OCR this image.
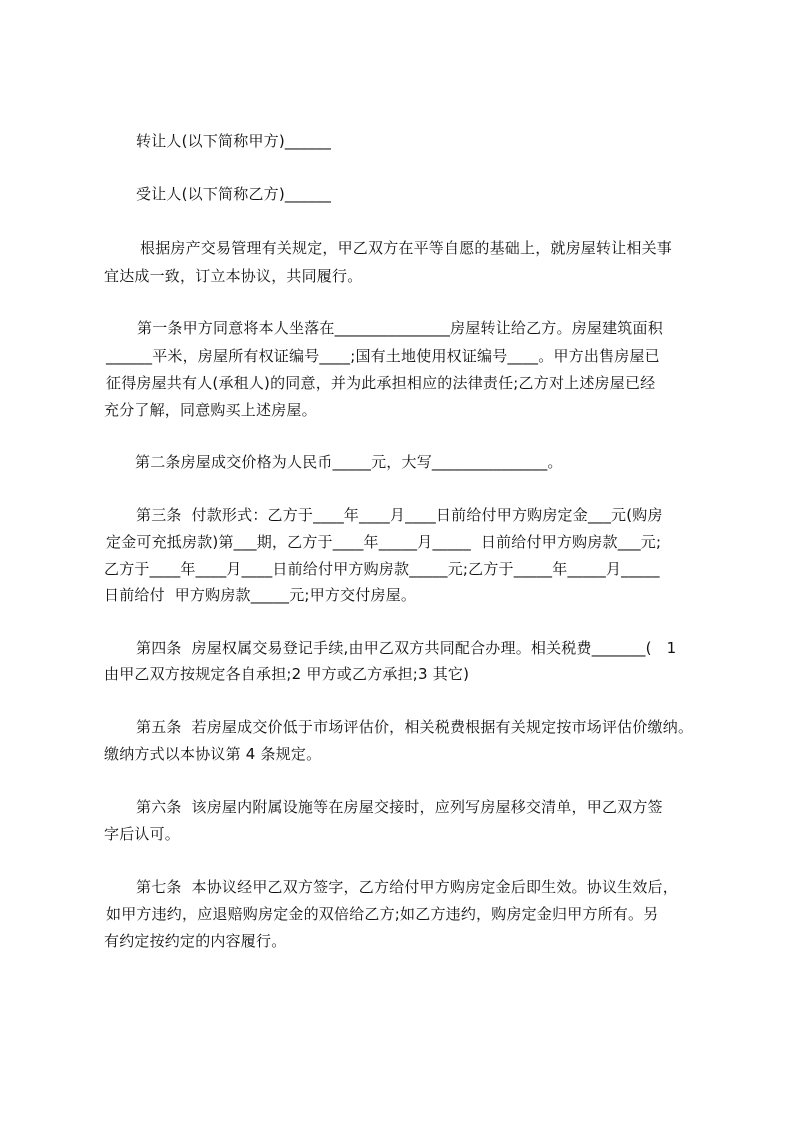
转让人(以下简称甲方)______
受让人(以下简称乙方)______
根据房产交易管理有关规定，甲乙双方在平等自愿的基础上，就房屋转让相关事
宜达成一致，订立本协议，共同履行。
第一条甲方同意将本人坐落在_______________房屋转让给乙方。房屋建筑面积
______平米，房屋所有权证编号____;国有土地使用权证编号____。甲方出售房屋已
征得房屋共有人(承租人)的同意，并为此承担相应的法律责任;乙方对上述房屋已经
充分了解，同意购买上述房屋。
第二条房屋成交价格为人民币_____元，大写_______________。
第三条  付款形式：乙方于____年____月____日前给付甲方购房定金___元(购房
定金可充抵房款)第___期，乙方于____年_____月_____  日前给付甲方购房款___元;
乙方于____年____月____日前给付甲方购房款_____元;乙方于_____年_____月_____
日前给付  甲方购房款_____元;甲方交付房屋。
第四条  房屋权属交易登记手续,由甲乙双方共同配合办理。相关税费_______(   1
由甲乙双方按规定各自承担;2 甲方或乙方承担;3 其它)
第五条  若房屋成交价低于市场评估价，相关税费根据有关规定按市场评估价缴纳。
缴纳方式以本协议第 4 条规定。
第六条  该房屋内附属设施等在房屋交接时，应列写房屋移交清单，甲乙双方签
字后认可。
第七条  本协议经甲乙双方签字，乙方给付甲方购房定金后即生效。协议生效后，
如甲方违约，应退赔购房定金的双倍给乙方;如乙方违约，购房定金归甲方所有。另
有约定按约定的内容履行。
